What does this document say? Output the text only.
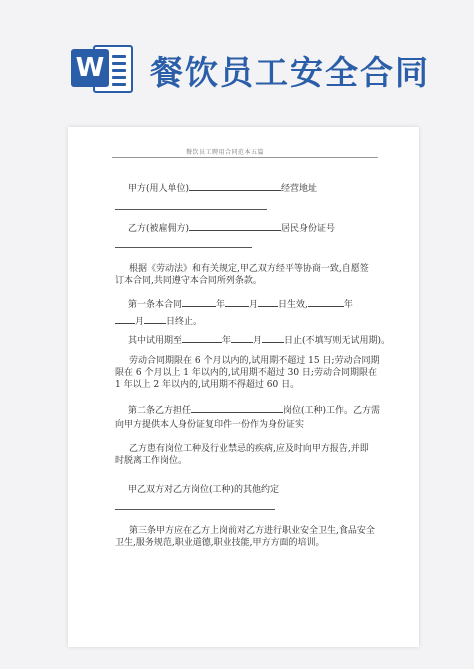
W 餐饮员工安全合同
餐饮员工聘用合同范本五篇
甲方(用人单位)	经营地址
乙方(被雇佣方)	居民身份证号
根据《劳动法》和有关规定,甲乙双方经平等协商一致,自愿签订本合同,共同遵守本合同所列条款。
第一条本合同	年	月 日生效,	年
月 日终止。
其中试用期至	年 月 日止(不填写则无试用期)。
劳动合同期限在 6 个月以内的,试用期不超过 15 日;劳动合同期限在 6 个月以上 1 年以内的,试用期不超过 30 日;劳动合同期限在 1 年以上 2 年以内的,试用期不得超过 60 日。
第二条乙方担任	岗位(工种)工作。乙方需
向甲方提供本人身份证复印件一份作为身份证实
乙方患有岗位工种及行业禁忌的疾病,应及时向甲方报告,并即时脱离工作岗位。
甲乙双方对乙方岗位(工种)的其他约定
第三条甲方应在乙方上岗前对乙方进行职业安全卫生,食品安全卫生,服务规范,职业道德,职业技能,甲方方面的培训。
